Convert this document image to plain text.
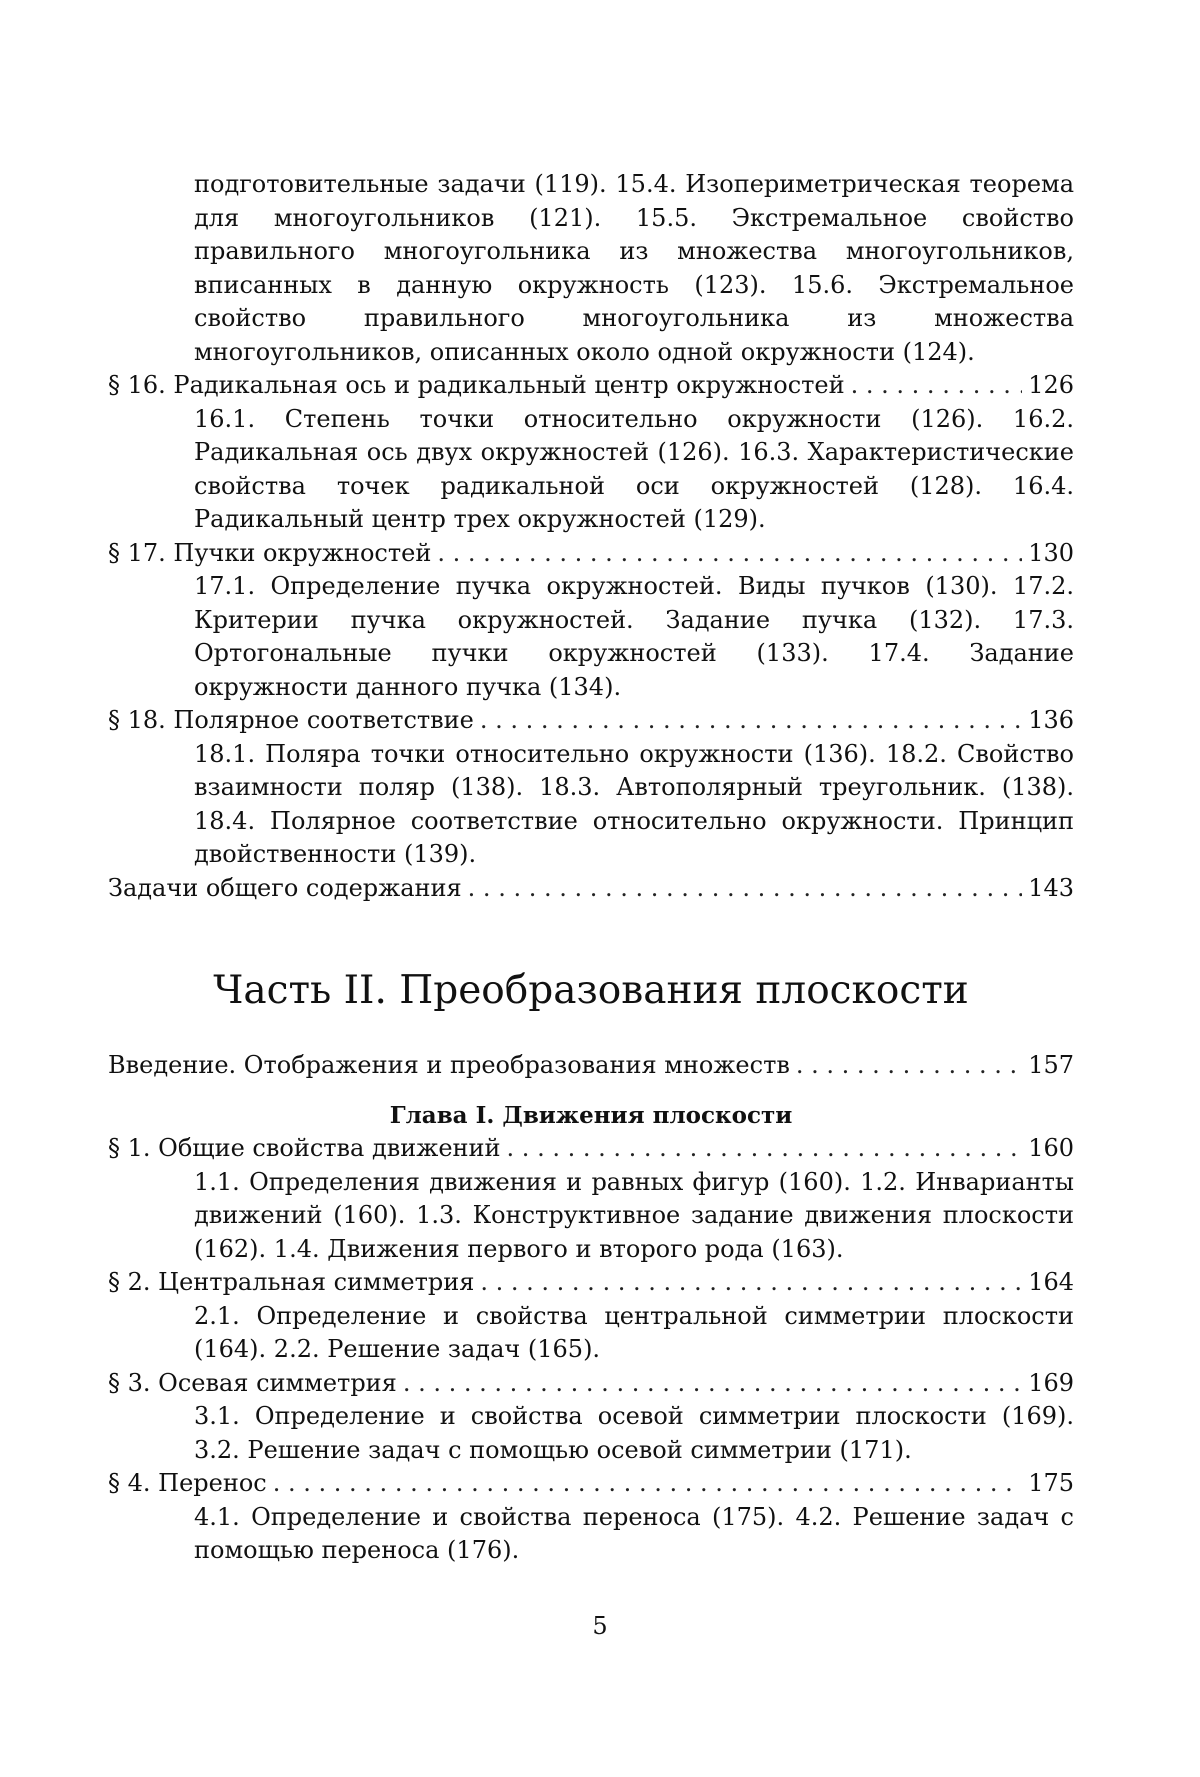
подготовительные задачи (119). 15.4. Изопериметрическая теорема для многоугольников (121). 15.5. Экстремальное свойство правильного многоугольника из множества многоугольников, вписанных в данную окружность (123). 15.6. Экстремальное свойство правильного многоугольника из множества многоугольников, описанных около одной окружности (124).
§ 16. Радикальная ось и радикальный центр окружностей . . .	126
16.1. Степень точки относительно окружности (126). 16.2. Радикальная ось двух окружностей (126). 16.3. Характеристические свойства точек радикальной оси окружностей (128). 16.4. Радикальный центр трех окружностей (129).
§ 17. Пучки окружностей . . .	130
17.1. Определение пучка окружностей. Виды пучков (130). 17.2. Критерии пучка окружностей. Задание пучка (132). 17.3. Ортогональные пучки окружностей (133). 17.4. Задание окружности данного пучка (134).
§ 18. Полярное соответствие . . .	136
18.1. Поляра точки относительно окружности (136). 18.2. Свойство взаимности поляр (138). 18.3. Автополярный треугольник. (138). 18.4. Полярное соответствие относительно окружности. Принцип двойственности (139).
Задачи общего содержания . . .	143
Часть II. Преобразования плоскости
Введение. Отображения и преобразования множеств . . .	157
Глава I. Движения плоскости
§ 1. Общие свойства движений . . .	160
1.1. Определения движения и равных фигур (160). 1.2. Инварианты движений (160). 1.3. Конструктивное задание движения плоскости (162). 1.4. Движения первого и второго рода (163).
§ 2. Центральная симметрия . . .	164
2.1. Определение и свойства центральной симметрии плоскости (164). 2.2. Решение задач (165).
§ 3. Осевая симметрия . . .	169
3.1. Определение и свойства осевой симметрии плоскости (169). 3.2. Решение задач с помощью осевой симметрии (171).
§ 4. Перенос . . .	175
4.1. Определение и свойства переноса (175). 4.2. Решение задач с помощью переноса (176).
5
